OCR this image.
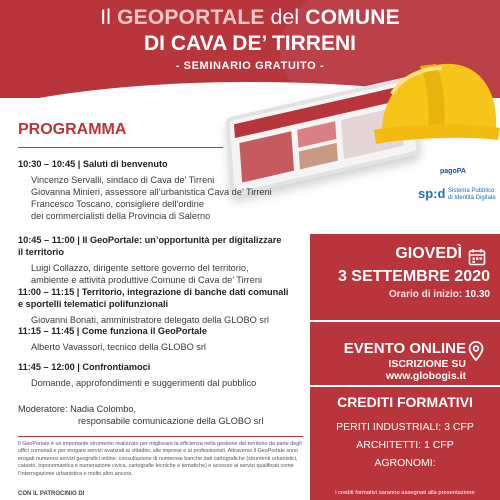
Il GEOPORTALE del COMUNE
DI CAVA DE’ TIRRENI
- SEMINARIO GRATUITO -
pagoPA
sp:d Sistema Pubblico
di Identità Digitale
PROGRAMMA
10:30 – 10:45 | Saluti di benvenuto
Vincenzo Servalli, sindaco di Cava de’ Tirreni
Giovanna Minieri, assessore all’urbanistica Cava de’ Tirreni
Francesco Toscano, consigliere dell’ordine
dei commercialisti della Provincia di Salerno
10:45 – 11:00 | Il GeoPortale: un’opportunità per digitalizzare il territorio
Luigi Collazzo, dirigente settore governo del territorio,
ambiente e attività produttive Comune di Cava de’ Tirreni
11:00 – 11:15 | Territorio, integrazione di banche dati comunali e sportelli telematici polifunzionali
Giovanni Bonati, amministratore delegato della GLOBO srl
11:15 – 11:45 | Come funziona il GeoPortale
Alberto Vavassori, tecnico della GLOBO srl
11:45 – 12:00 | Confrontiamoci
Domande, approfondimenti e suggerimenti dal pubblico
Moderatore: Nadia Colombo,
responsabile comunicazione della GLOBO srl
Il GeoPortale è un importante strumento realizzato per migliorare la efficienza nella gestione del territorio da parte degli uffici comunali e per erogare servizi avanzati ai cittadini, alle imprese e ai professionisti. Attraverso il GeoPortale sono erogati numerosi servizi geografici online: consultazione di numerose banche dati cartografiche (strumenti urbanistici, catasto, toponomastica e numerazione civica, cartografie tecniche e tematiche) e accesso ai servizi qualificati come l’interrogazione urbanistica e molto altro ancora.
CON IL PATROCINIO DI
GIOVEDÌ
3 SETTEMBRE 2020
Orario di inizio: 10.30
EVENTO ONLINE
ISCRIZIONE SU
www.globogis.it
CREDITI FORMATIVI
PERITI INDUSTRIALI: 3 CFP
ARCHITETTI: 1 CFP
AGRONOMI:
i crediti formativi saranno assegnati alla presentazione
